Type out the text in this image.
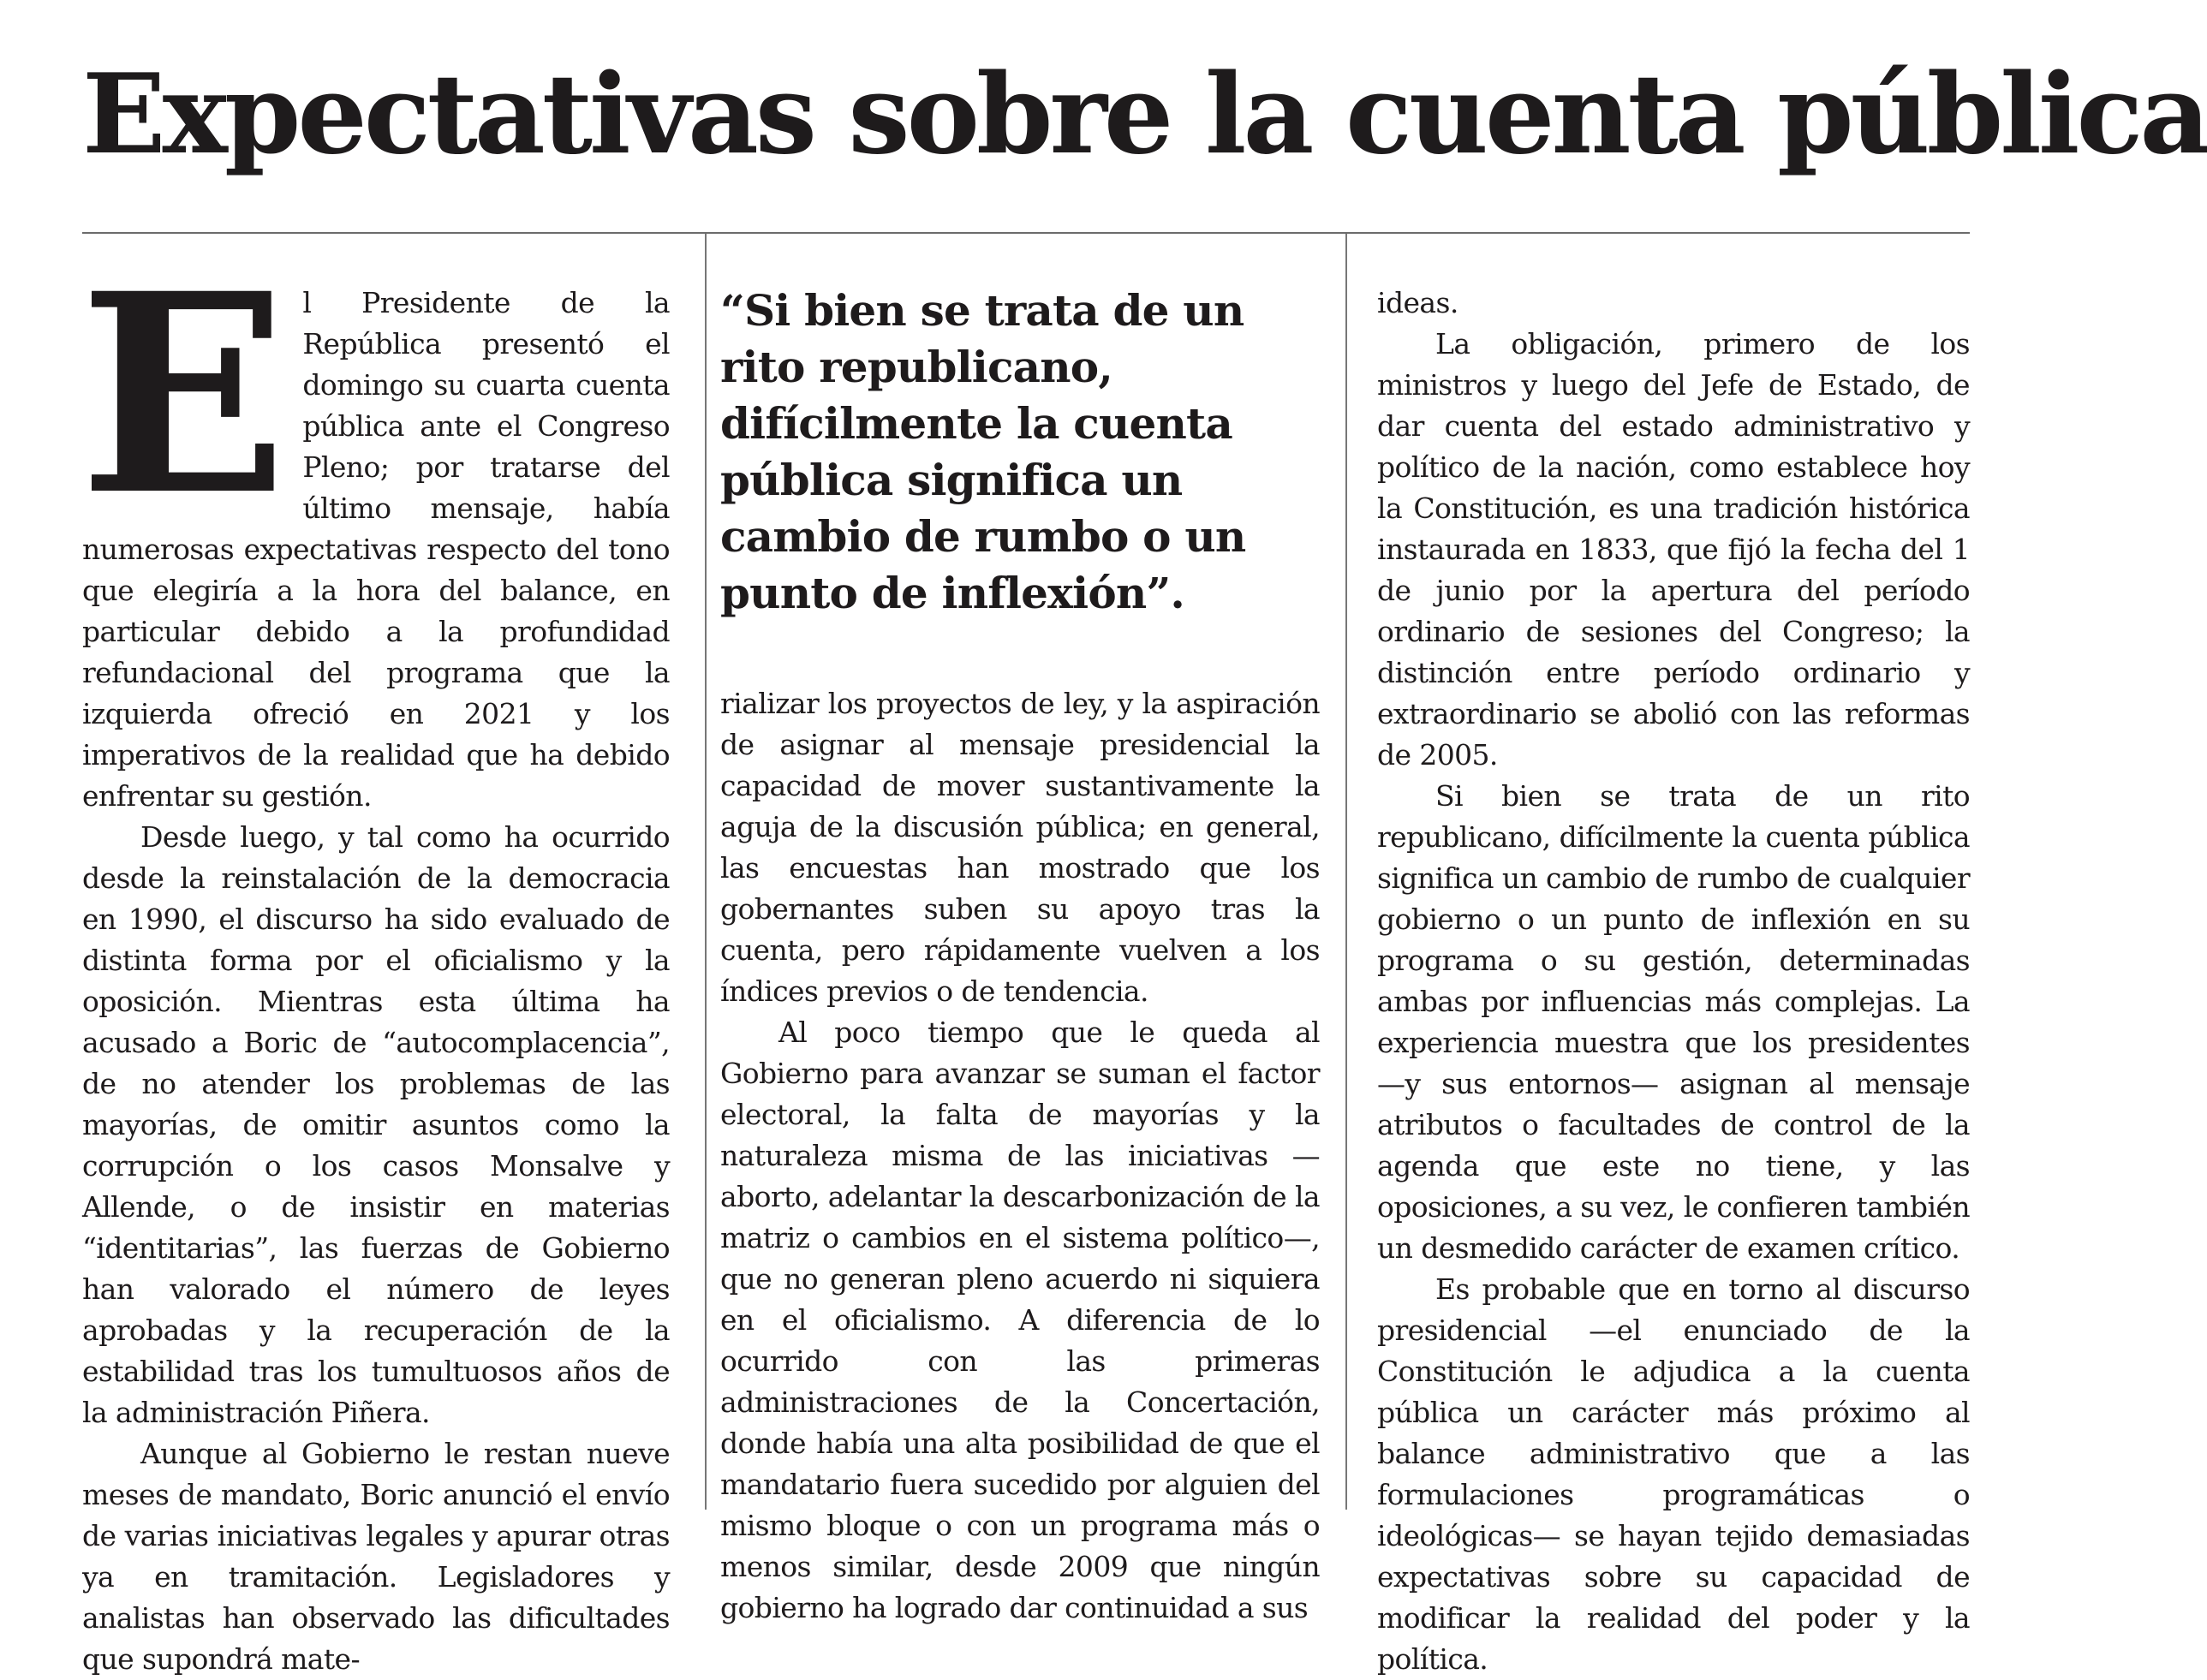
Expectativas sobre la cuenta pública

El Presidente de la República presentó el domingo su cuarta cuenta pública ante el Congreso Pleno; por tratarse del último mensaje, había numerosas expectativas respecto del tono que elegiría a la hora del balance, en particular debido a la profundidad refundacional del programa que la izquierda ofreció en 2021 y los imperativos de la realidad que ha debido enfrentar su gestión.

Desde luego, y tal como ha ocurrido desde la reinstalación de la democracia en 1990, el discurso ha sido evaluado de distinta forma por el oficialismo y la oposición. Mientras esta última ha acusado a Boric de “autocomplacencia”, de no atender los problemas de las mayorías, de omitir asuntos como la corrupción o los casos Monsalve y Allende, o de insistir en materias “identitarias”, las fuerzas de Gobierno han valorado el número de leyes aprobadas y la recuperación de la estabilidad tras los tumultuosos años de la administración Piñera.

Aunque al Gobierno le restan nueve meses de mandato, Boric anunció el envío de varias iniciativas legales y apurar otras ya en tramitación. Legisladores y analistas han observado las dificultades que supondrá mate-

“Si bien se trata de un rito republicano, difícilmente la cuenta pública significa un cambio de rumbo o un punto de inflexión”.

rializar los proyectos de ley, y la aspiración de asignar al mensaje presidencial la capacidad de mover sustantivamente la aguja de la discusión pública; en general, las encuestas han mostrado que los gobernantes suben su apoyo tras la cuenta, pero rápidamente vuelven a los índices previos o de tendencia.

Al poco tiempo que le queda al Gobierno para avanzar se suman el factor electoral, la falta de mayorías y la naturaleza misma de las iniciativas —aborto, adelantar la descarbonización de la matriz o cambios en el sistema político—, que no generan pleno acuerdo ni siquiera en el oficialismo. A diferencia de lo ocurrido con las primeras administraciones de la Concertación, donde había una alta posibilidad de que el mandatario fuera sucedido por alguien del mismo bloque o con un programa más o menos similar, desde 2009 que ningún gobierno ha logrado dar continuidad a sus

ideas.

La obligación, primero de los ministros y luego del Jefe de Estado, de dar cuenta del estado administrativo y político de la nación, como establece hoy la Constitución, es una tradición histórica instaurada en 1833, que fijó la fecha del 1 de junio por la apertura del período ordinario de sesiones del Congreso; la distinción entre período ordinario y extraordinario se abolió con las reformas de 2005.

Si bien se trata de un rito republicano, difícilmente la cuenta pública significa un cambio de rumbo de cualquier gobierno o un punto de inflexión en su programa o su gestión, determinadas ambas por influencias más complejas. La experiencia muestra que los presidentes —y sus entornos— asignan al mensaje atributos o facultades de control de la agenda que este no tiene, y las oposiciones, a su vez, le confieren también un desmedido carácter de examen crítico.

Es probable que en torno al discurso presidencial —el enunciado de la Constitución le adjudica a la cuenta pública un carácter más próximo al balance administrativo que a las formulaciones programáticas o ideológicas— se hayan tejido demasiadas expectativas sobre su capacidad de modificar la realidad del poder y la política.
